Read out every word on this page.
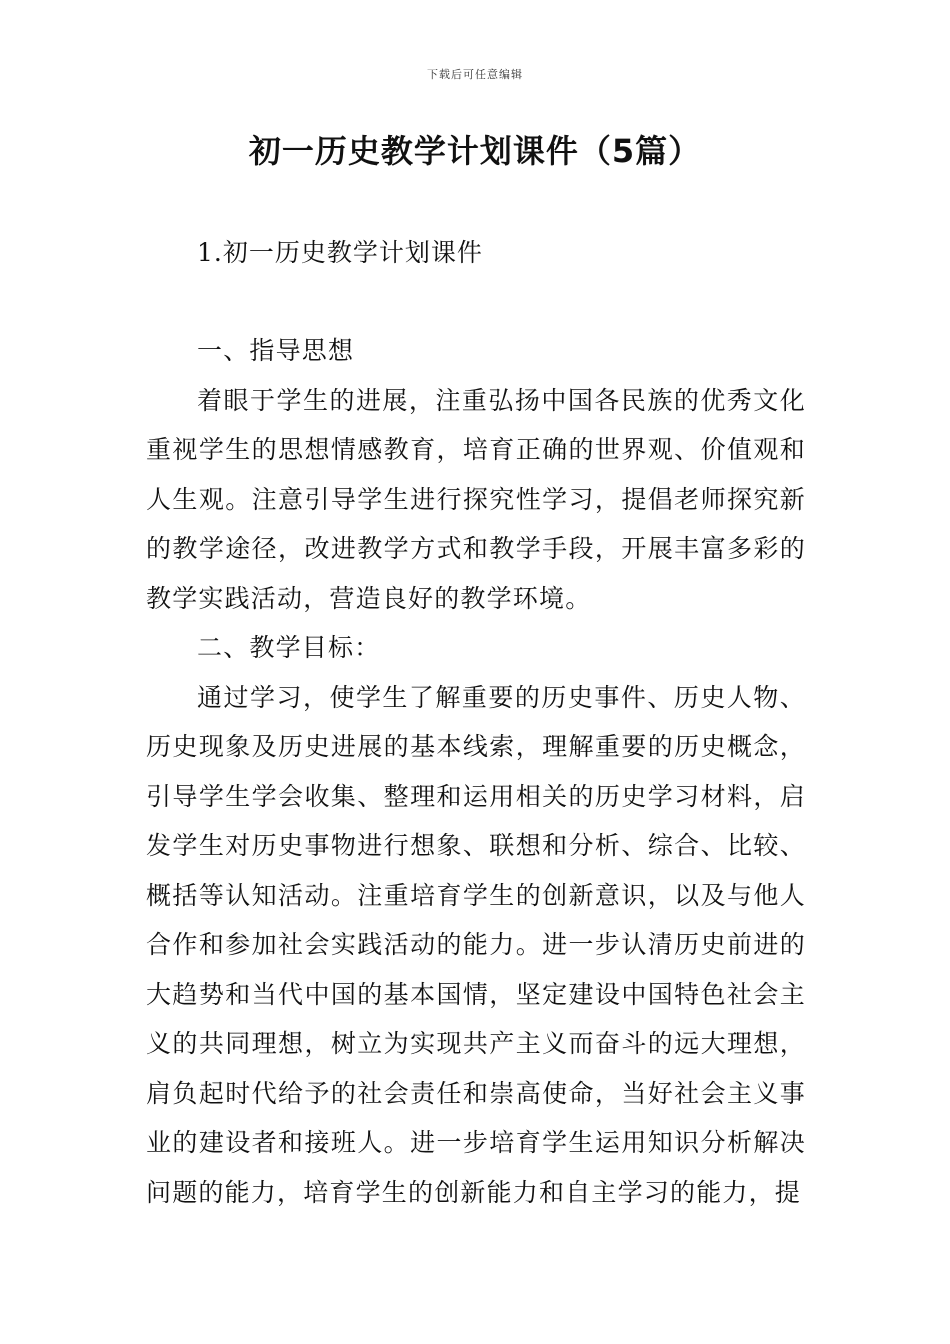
下载后可任意编辑
初一历史教学计划课件（5篇）
1.初一历史教学计划课件

一、指导思想

着眼于学生的进展，注重弘扬中国各民族的优秀文化重视学生的思想情感教育，培育正确的世界观、价值观和人生观。注意引导学生进行探究性学习，提倡老师探究新的教学途径，改进教学方式和教学手段，开展丰富多彩的教学实践活动，营造良好的教学环境。

二、教学目标：

通过学习，使学生了解重要的历史事件、历史人物、历史现象及历史进展的基本线索，理解重要的历史概念，引导学生学会收集、整理和运用相关的历史学习材料，启发学生对历史事物进行想象、联想和分析、综合、比较、概括等认知活动。注重培育学生的创新意识，以及与他人合作和参加社会实践活动的能力。进一步认清历史前进的大趋势和当代中国的基本国情，坚定建设中国特色社会主义的共同理想，树立为实现共产主义而奋斗的远大理想，肩负起时代给予的社会责任和崇高使命，当好社会主义事业的建设者和接班人。进一步培育学生运用知识分析解决问题的能力，培育学生的创新能力和自主学习的能力，提
